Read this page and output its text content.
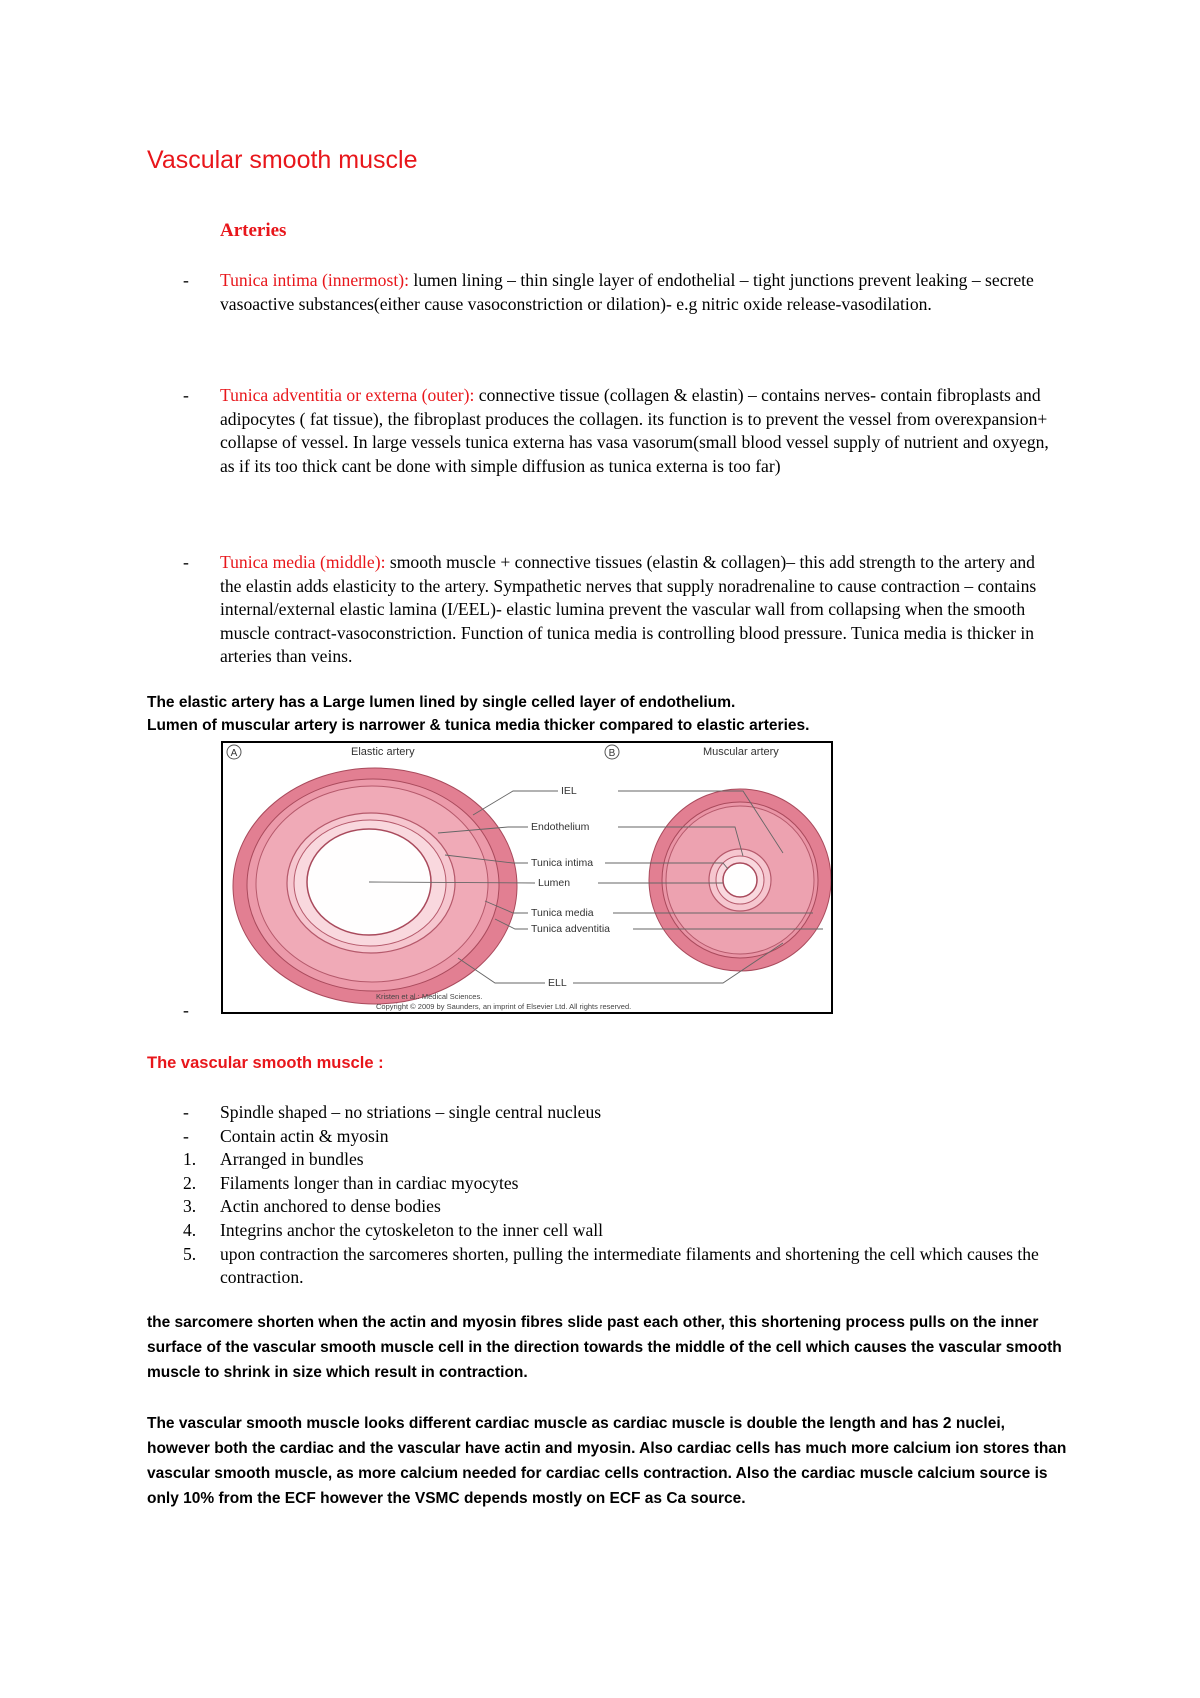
Vascular smooth muscle
Arteries
- Tunica intima (innermost): lumen lining – thin single layer of endothelial – tight junctions prevent leaking – secrete vasoactive substances(either cause vasoconstriction or dilation)- e.g nitric oxide release-vasodilation.
- Tunica adventitia or externa (outer): connective tissue (collagen & elastin) – contains nerves- contain fibroplasts and adipocytes ( fat tissue), the fibroplast produces the collagen. its function is to prevent the vessel from overexpansion+ collapse of vessel. In large vessels tunica externa has vasa vasorum(small blood vessel supply of nutrient and oxyegn, as if its too thick cant be done with simple diffusion as tunica externa is too far)
- Tunica media (middle): smooth muscle + connective tissues (elastin & collagen)– this add strength to the artery and the elastin adds elasticity to the artery. Sympathetic nerves that supply noradrenaline to cause contraction – contains internal/external elastic lamina (I/EEL)- elastic lumina prevent the vascular wall from collapsing when the smooth muscle contract-vasoconstriction. Function of tunica media is controlling blood pressure. Tunica media is thicker in arteries than veins.

The elastic artery has a Large lumen lined by single celled layer of endothelium.

Lumen of muscular artery is narrower & tunica media thicker compared to elastic arteries.

A	Elastic artery	B	Muscular artery
IEL
Endothelium
Tunica intima
Lumen
Tunica media
Tunica adventitia
ELL
Kristen et al.: Medical Sciences.
Copyright © 2009 by Saunders, an imprint of Elsevier Ltd. All rights reserved.
-
The vascular smooth muscle :
- Spindle shaped – no striations – single central nucleus
- Contain actin & myosin
1. Arranged in bundles
2. Filaments longer than in cardiac myocytes
3. Actin anchored to dense bodies
4. Integrins anchor the cytoskeleton to the inner cell wall
5. upon contraction the sarcomeres shorten, pulling the intermediate filaments and shortening the cell which causes the contraction.

the sarcomere shorten when the actin and myosin fibres slide past each other, this shortening process pulls on the inner surface of the vascular smooth muscle cell in the direction towards the middle of the cell which causes the vascular smooth muscle to shrink in size which result in contraction.

The vascular smooth muscle looks different cardiac muscle as cardiac muscle is double the length and has 2 nuclei, however both the cardiac and the vascular have actin and myosin. Also cardiac cells has much more calcium ion stores than vascular smooth muscle, as more calcium needed for cardiac cells contraction. Also the cardiac muscle calcium source is only 10% from the ECF however the VSMC depends mostly on ECF as Ca source.
